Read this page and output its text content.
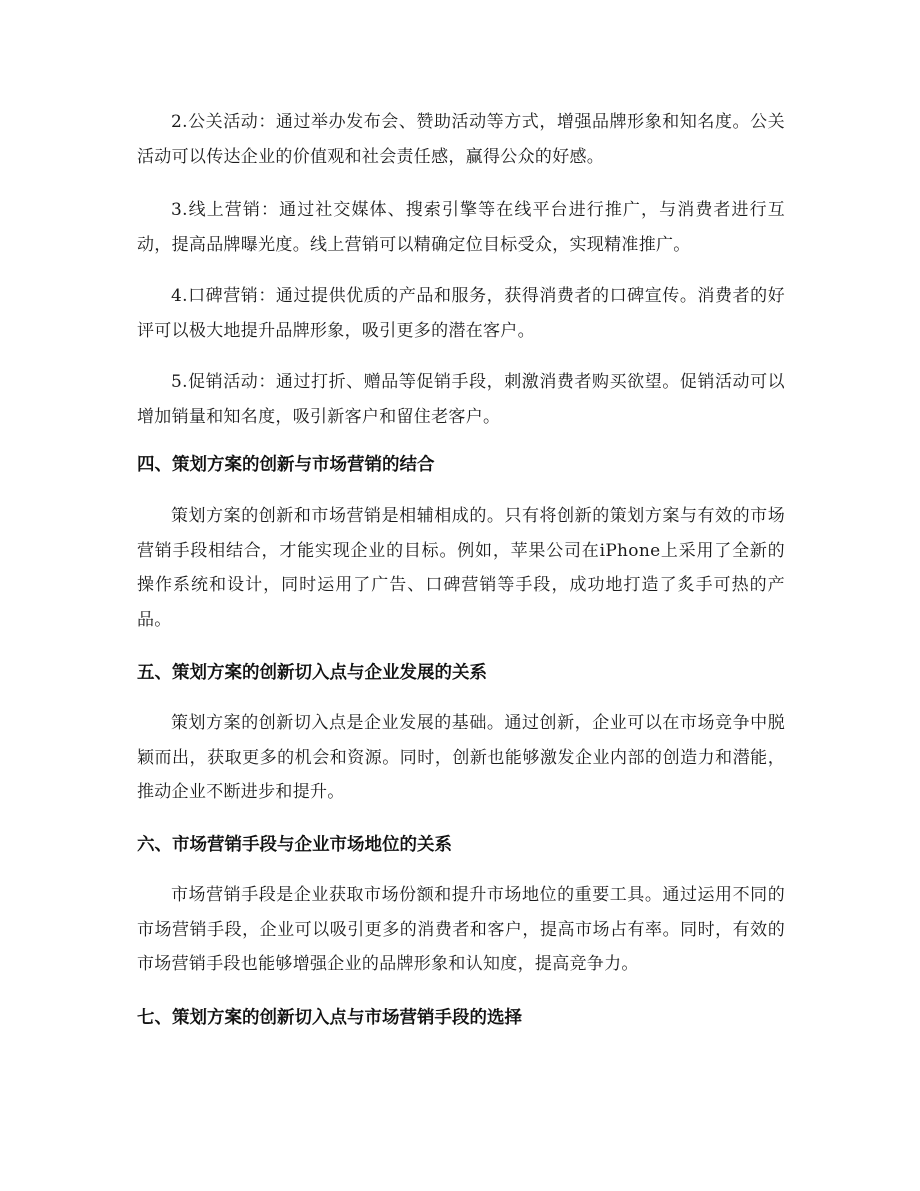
2.公关活动：通过举办发布会、赞助活动等方式，增强品牌形象和知名度。公关活动可以传达企业的价值观和社会责任感，赢得公众的好感。

3.线上营销：通过社交媒体、搜索引擎等在线平台进行推广，与消费者进行互动，提高品牌曝光度。线上营销可以精确定位目标受众，实现精准推广。

4.口碑营销：通过提供优质的产品和服务，获得消费者的口碑宣传。消费者的好评可以极大地提升品牌形象，吸引更多的潜在客户。

5.促销活动：通过打折、赠品等促销手段，刺激消费者购买欲望。促销活动可以增加销量和知名度，吸引新客户和留住老客户。

四、策划方案的创新与市场营销的结合

策划方案的创新和市场营销是相辅相成的。只有将创新的策划方案与有效的市场营销手段相结合，才能实现企业的目标。例如，苹果公司在iPhone上采用了全新的操作系统和设计，同时运用了广告、口碑营销等手段，成功地打造了炙手可热的产品。

五、策划方案的创新切入点与企业发展的关系

策划方案的创新切入点是企业发展的基础。通过创新，企业可以在市场竞争中脱颖而出，获取更多的机会和资源。同时，创新也能够激发企业内部的创造力和潜能，推动企业不断进步和提升。

六、市场营销手段与企业市场地位的关系

市场营销手段是企业获取市场份额和提升市场地位的重要工具。通过运用不同的市场营销手段，企业可以吸引更多的消费者和客户，提高市场占有率。同时，有效的市场营销手段也能够增强企业的品牌形象和认知度，提高竞争力。

七、策划方案的创新切入点与市场营销手段的选择
